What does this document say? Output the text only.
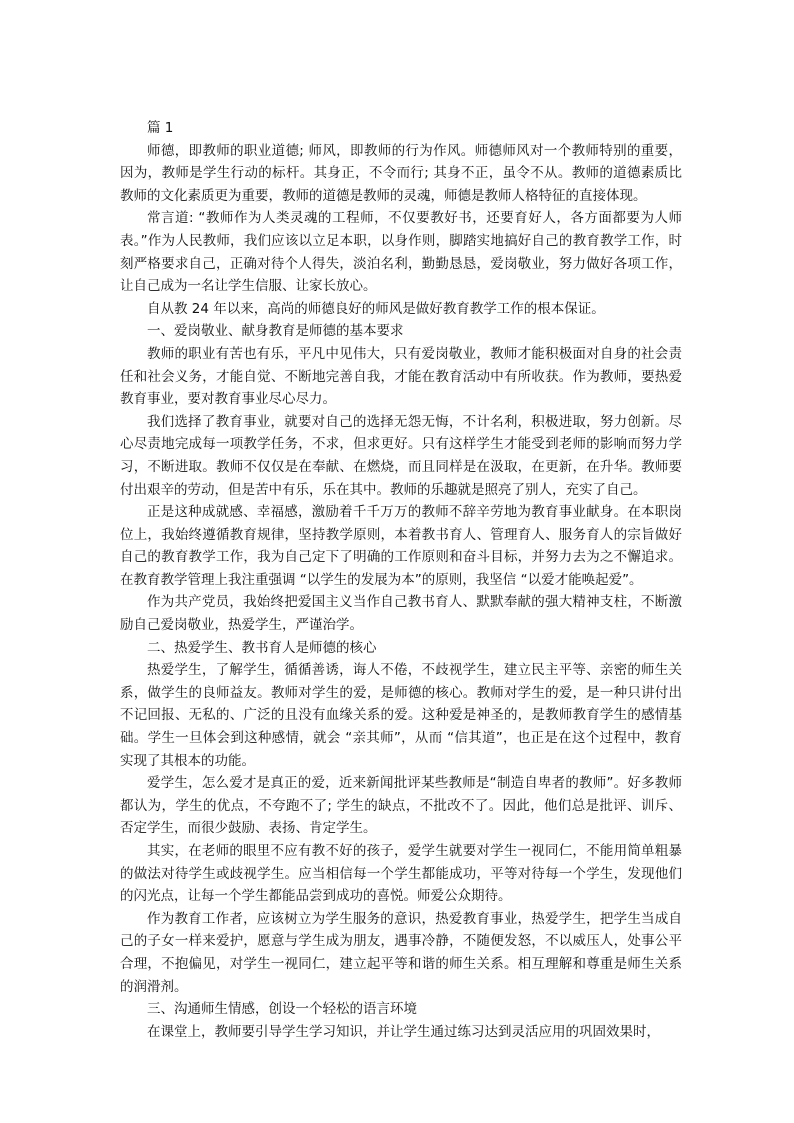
篇 1

师德，即教师的职业道德; 师风，即教师的行为作风。师德师风对一个教师特别的重要，因为，教师是学生行动的标杆。其身正，不令而行; 其身不正，虽令不从。教师的道德素质比教师的文化素质更为重要，教师的道德是教师的灵魂，师德是教师人格特征的直接体现。

常言道: “教师作为人类灵魂的工程师，不仅要教好书，还要育好人，各方面都要为人师表。”作为人民教师，我们应该以立足本职，以身作则，脚踏实地搞好自己的教育教学工作，时刻严格要求自己，正确对待个人得失，淡泊名利，勤勤恳恳，爱岗敬业，努力做好各项工作，让自己成为一名让学生信服、让家长放心。

自从教 24 年以来，高尚的师德良好的师风是做好教育教学工作的根本保证。

一、爱岗敬业、献身教育是师德的基本要求

教师的职业有苦也有乐，平凡中见伟大，只有爱岗敬业，教师才能积极面对自身的社会责任和社会义务，才能自觉、不断地完善自我，才能在教育活动中有所收获。作为教师，要热爱教育事业，要对教育事业尽心尽力。

我们选择了教育事业，就要对自己的选择无怨无悔，不计名利，积极进取，努力创新。尽心尽责地完成每一项教学任务，不求，但求更好。只有这样学生才能受到老师的影响而努力学习，不断进取。教师不仅仅是在奉献、在燃烧，而且同样是在汲取，在更新，在升华。教师要付出艰辛的劳动，但是苦中有乐，乐在其中。教师的乐趣就是照亮了别人，充实了自己。

正是这种成就感、幸福感，激励着千千万万的教师不辞辛劳地为教育事业献身。在本职岗位上，我始终遵循教育规律，坚持教学原则，本着教书育人、管理育人、服务育人的宗旨做好自己的教育教学工作，我为自己定下了明确的工作原则和奋斗目标，并努力去为之不懈追求。在教育教学管理上我注重强调 “以学生的发展为本”的原则，我坚信 “以爱才能唤起爱”。

作为共产党员，我始终把爱国主义当作自己教书育人、默默奉献的强大精神支柱，不断激励自己爱岗敬业，热爱学生，严谨治学。

二、热爱学生、教书育人是师德的核心

热爱学生，了解学生，循循善诱，诲人不倦，不歧视学生，建立民主平等、亲密的师生关系，做学生的良师益友。教师对学生的爱，是师德的核心。教师对学生的爱，是一种只讲付出不记回报、无私的、广泛的且没有血缘关系的爱。这种爱是神圣的，是教师教育学生的感情基础。学生一旦体会到这种感情，就会 “亲其师”，从而 “信其道”，也正是在这个过程中，教育实现了其根本的功能。

爱学生，怎么爱才是真正的爱，近来新闻批评某些教师是“制造自卑者的教师”。好多教师都认为，学生的优点，不夸跑不了; 学生的缺点，不批改不了。因此，他们总是批评、训斥、否定学生，而很少鼓励、表扬、肯定学生。

其实，在老师的眼里不应有教不好的孩子，爱学生就要对学生一视同仁，不能用简单粗暴的做法对待学生或歧视学生。应当相信每一个学生都能成功，平等对待每一个学生，发现他们的闪光点，让每一个学生都能品尝到成功的喜悦。师爱公众期待。

作为教育工作者，应该树立为学生服务的意识，热爱教育事业，热爱学生，把学生当成自己的子女一样来爱护，愿意与学生成为朋友，遇事冷静，不随便发怒，不以威压人，处事公平合理，不抱偏见，对学生一视同仁，建立起平等和谐的师生关系。相互理解和尊重是师生关系的润滑剂。

三、沟通师生情感，创设一个轻松的语言环境

在课堂上，教师要引导学生学习知识，并让学生通过练习达到灵活应用的巩固效果时，
